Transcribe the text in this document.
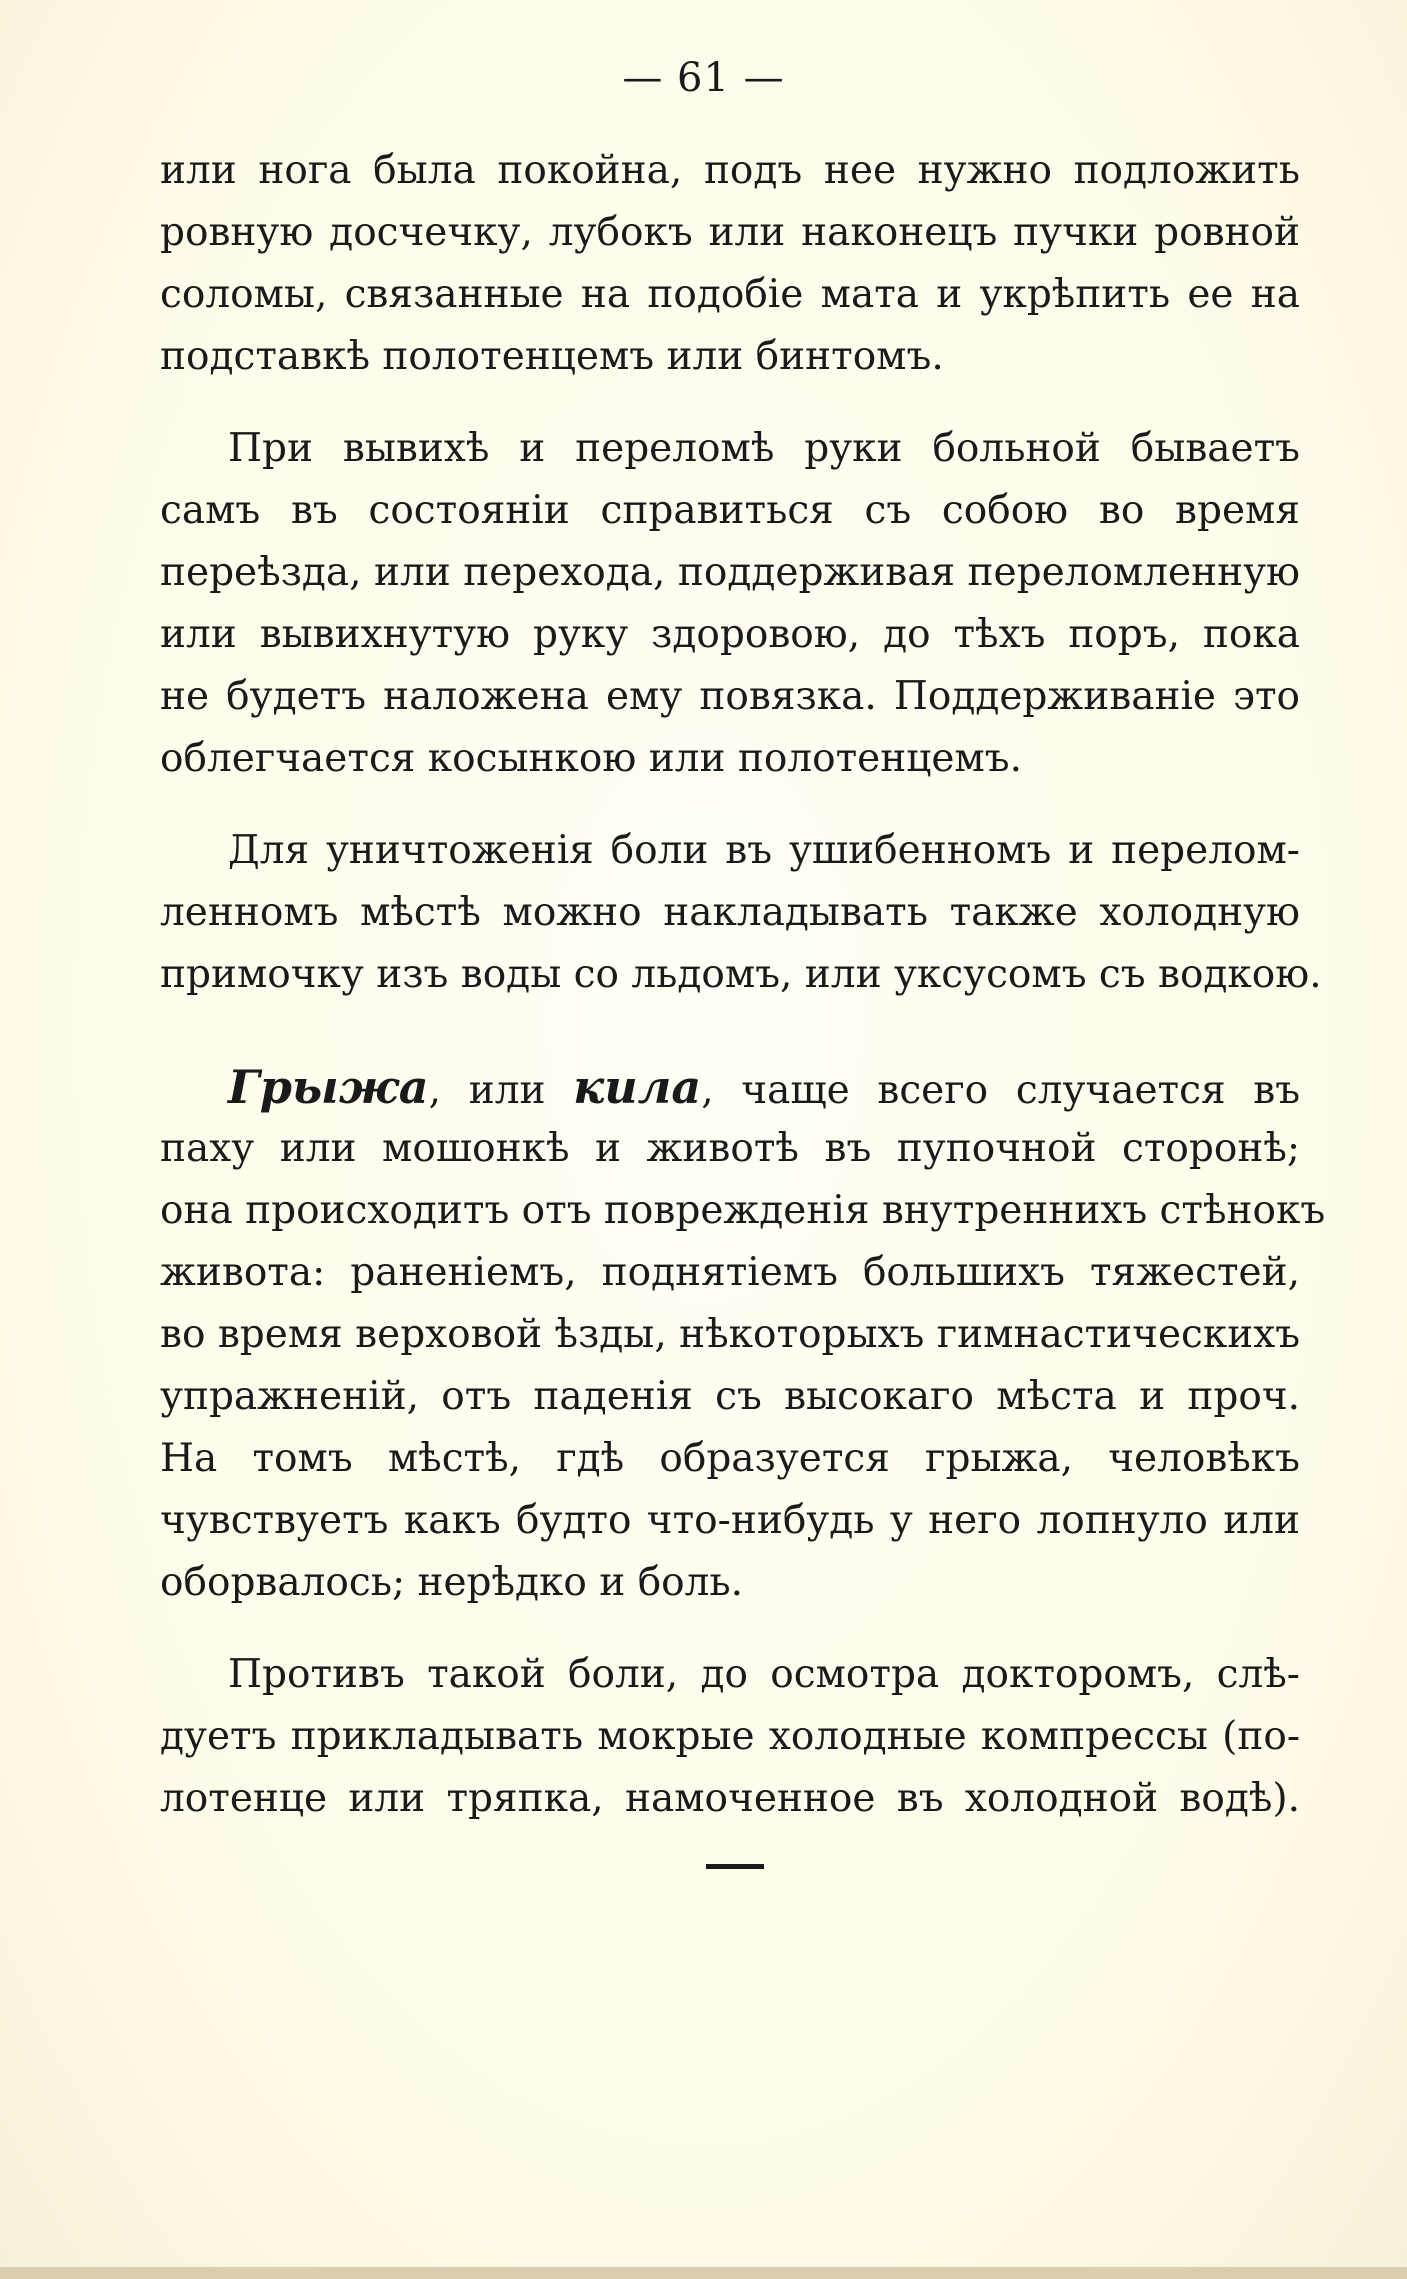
— 61 —
или нога была покойна, подъ нее нужно подложить
ровную досчечку, лубокъ или наконецъ пучки ровной
соломы, связанные на подобіе мата и укрѣпить ее на
подставкѣ полотенцемъ или бинтомъ.
При вывихѣ и переломѣ руки больной бываетъ
самъ въ состояніи справиться съ собою во время
переѣзда, или перехода, поддерживая переломленную
или вывихнутую руку здоровою, до тѣхъ поръ, пока
не будетъ наложена ему повязка. Поддерживаніе это
облегчается косынкою или полотенцемъ.
Для уничтоженія боли въ ушибенномъ и перелом-
ленномъ мѣстѣ можно накладывать также холодную
примочку изъ воды со льдомъ, или уксусомъ съ водкою.
Грыжа, или кила, чаще всего случается въ
паху или мошонкѣ и животѣ въ пупочной сторонѣ;
она происходитъ отъ поврежденія внутреннихъ стѣнокъ
живота: раненіемъ, поднятіемъ большихъ тяжестей,
во время верховой ѣзды, нѣкоторыхъ гимнастическихъ
упражненій, отъ паденія съ высокаго мѣста и проч.
На томъ мѣстѣ, гдѣ образуется грыжа, человѣкъ
чувствуетъ какъ будто что-нибудь у него лопнуло или
оборвалось; нерѣдко и боль.
Противъ такой боли, до осмотра докторомъ, слѣ-
дуетъ прикладывать мокрые холодные компрессы (по-
лотенце или тряпка, намоченное въ холодной водѣ).
